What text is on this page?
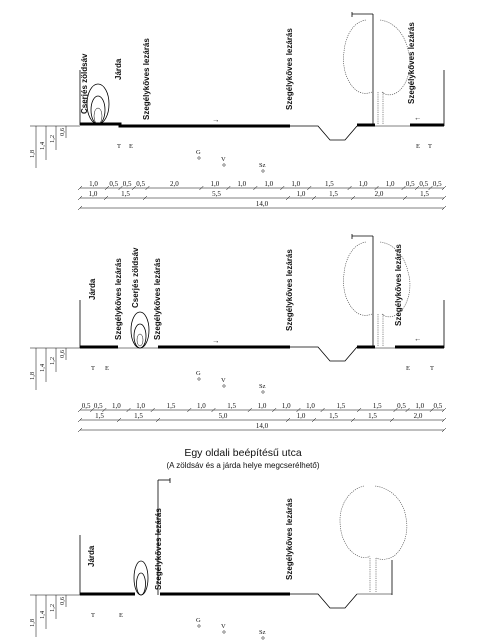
→	←
Cserjés zöldsáv	Járda Szegélykőves lezárás	Szegélykőves lezárás	Szegélykőves lezárás
1,8
1,4
1,2
0,6
T E	E T
G
V
Sz
1,0 0,5 0,5 0,5	2,0	1,0	1,0	1,0	1,0	1,5	1,0	1,0 0,5 0,5 0,5
1,0	1,5	5,5	1,0	1,5	2,0	1,5
14,0
→	←
Járda Szegélykőves lezárás Cserjés zöldsáv Szegélykőves lezárás	Szegélykőves lezárás	Szegélykőves lezárás
1,8
1,4
1,2
0,6
T E	E	T
G
V
Sz
0,5 0,5 1,0 1,0	1,5	1,0	1,5	1,0 1,0 1,0	1,5	1,5 0,5 1,0 0,5
1,5	1,5	5,0	1,0	1,5	1,5	2,0
14,0
Egy oldali beépítésű utca
(A zöldsáv és a járda helye megcserélhető)
Járda	Szegélykőves lezárás	Szegélykőves lezárás
1,8
1,4
1,2
0,6
T	E
G
V
Sz
